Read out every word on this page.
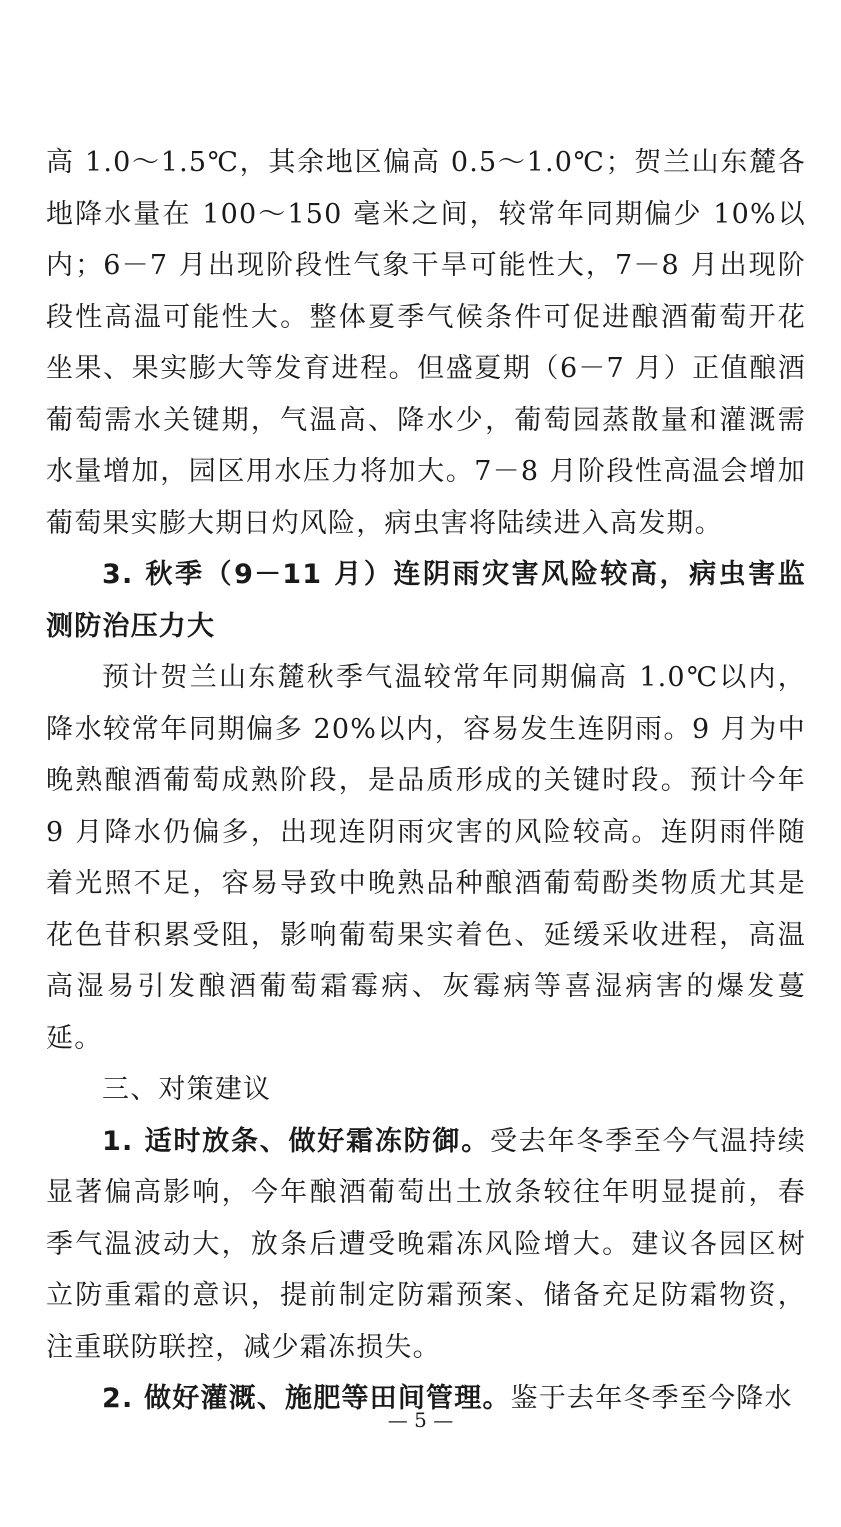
高 1.0～1.5℃，其余地区偏高 0.5～1.0℃；贺兰山东麓各地降水量在 100～150 毫米之间，较常年同期偏少 10%以内；6－7 月出现阶段性气象干旱可能性大，7－8 月出现阶段性高温可能性大。整体夏季气候条件可促进酿酒葡萄开花坐果、果实膨大等发育进程。但盛夏期（6－7 月）正值酿酒葡萄需水关键期，气温高、降水少，葡萄园蒸散量和灌溉需水量增加，园区用水压力将加大。7－8 月阶段性高温会增加葡萄果实膨大期日灼风险，病虫害将陆续进入高发期。

3. 秋季（9－11 月）连阴雨灾害风险较高，病虫害监测防治压力大

预计贺兰山东麓秋季气温较常年同期偏高 1.0℃以内，降水较常年同期偏多 20%以内，容易发生连阴雨。9 月为中晚熟酿酒葡萄成熟阶段，是品质形成的关键时段。预计今年 9 月降水仍偏多，出现连阴雨灾害的风险较高。连阴雨伴随着光照不足，容易导致中晚熟品种酿酒葡萄酚类物质尤其是花色苷积累受阻，影响葡萄果实着色、延缓采收进程，高温高湿易引发酿酒葡萄霜霉病、灰霉病等喜湿病害的爆发蔓延。

三、对策建议

1. 适时放条、做好霜冻防御。受去年冬季至今气温持续显著偏高影响，今年酿酒葡萄出土放条较往年明显提前，春季气温波动大，放条后遭受晚霜冻风险增大。建议各园区树立防重霜的意识，提前制定防霜预案、储备充足防霜物资，注重联防联控，减少霜冻损失。

2. 做好灌溉、施肥等田间管理。鉴于去年冬季至今降水

— 5 —
